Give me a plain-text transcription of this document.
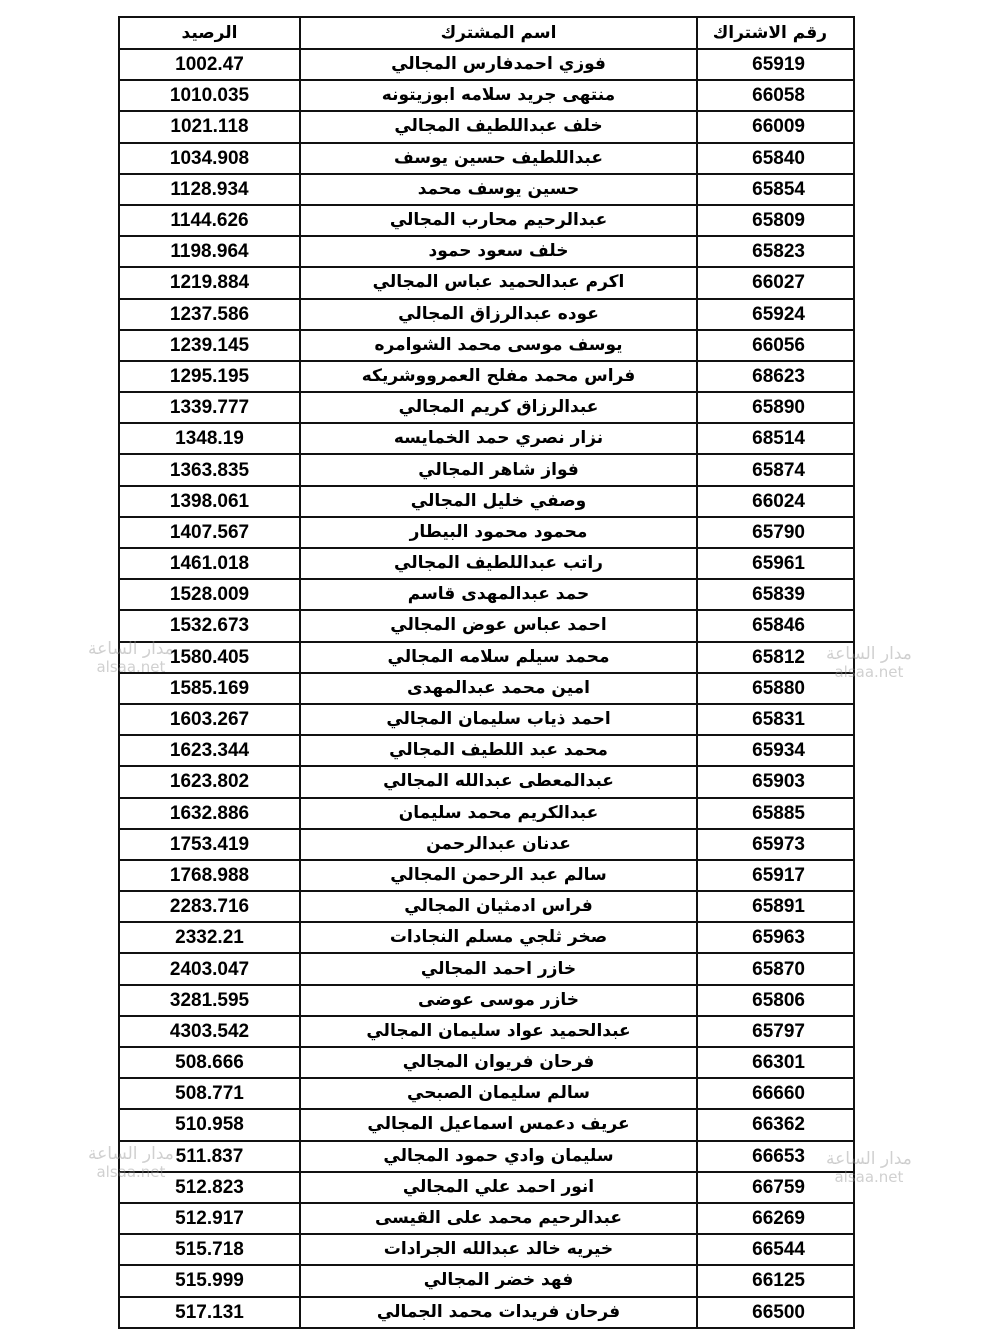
رقم الاشتراك	اسم المشترك	الرصيد
65919	فوزي احمدفارس المجالي	1002.47
66058	منتهى جريد سلامه ابوزيتونه	1010.035
66009	خلف عبداللطيف المجالي	1021.118
65840	عبداللطيف حسين يوسف	1034.908
65854	حسين يوسف محمد	1128.934
65809	عبدالرحيم محارب المجالي	1144.626
65823	خلف سعود حمود	1198.964
66027	اكرم عبدالحميد عباس المجالي	1219.884
65924	عوده عبدالرزاق المجالي	1237.586
66056	يوسف موسى محمد الشوامره	1239.145
68623	فراس محمد مفلح العمرووشريكه	1295.195
65890	عبدالرزاق كريم المجالي	1339.777
68514	نزار نصري حمد الخمايسه	1348.19
65874	فواز شاهر المجالي	1363.835
66024	وصفي خليل المجالي	1398.061
65790	محمود محمود البيطار	1407.567
65961	راتب عبداللطيف المجالي	1461.018
65839	حمد عبدالمهدى قاسم	1528.009
65846	احمد عباس عوض المجالي	1532.673
65812	محمد سيلم سلامه المجالي	1580.405
65880	امين محمد عبدالمهدى	1585.169
65831	احمد ذياب سليمان المجالي	1603.267
65934	محمد عبد اللطيف المجالي	1623.344
65903	عبدالمعطى عبدالله المجالي	1623.802
65885	عبدالكريم محمد سليمان	1632.886
65973	عدنان عبدالرحمن	1753.419
65917	سالم عبد الرحمن المجالي	1768.988
65891	فراس ادمثيان المجالي	2283.716
65963	صخر ثلجي مسلم النجادات	2332.21
65870	خازر احمد المجالي	2403.047
65806	خازر موسى عوضى	3281.595
65797	عبدالحميد عواد سليمان المجالي	4303.542
66301	فرحان فريوان المجالي	508.666
66660	سالم سليمان الصبحي	508.771
66362	عريف دعمس اسماعيل المجالي	510.958
66653	سليمان وادي حمود المجالي	511.837
66759	انور احمد علي المجالي	512.823
66269	عبدالرحيم محمد على القيسى	512.917
66544	خيريه خالد عبدالله الجرادات	515.718
66125	فهد خضر المجالي	515.999
66500	فرحان فريدات محمد الجمالي	517.131
مدار الساعة
alsaa.net
مدار الساعة
alsaa.net
مدار الساعة
alsaa.net
مدار الساعة
alsaa.net
